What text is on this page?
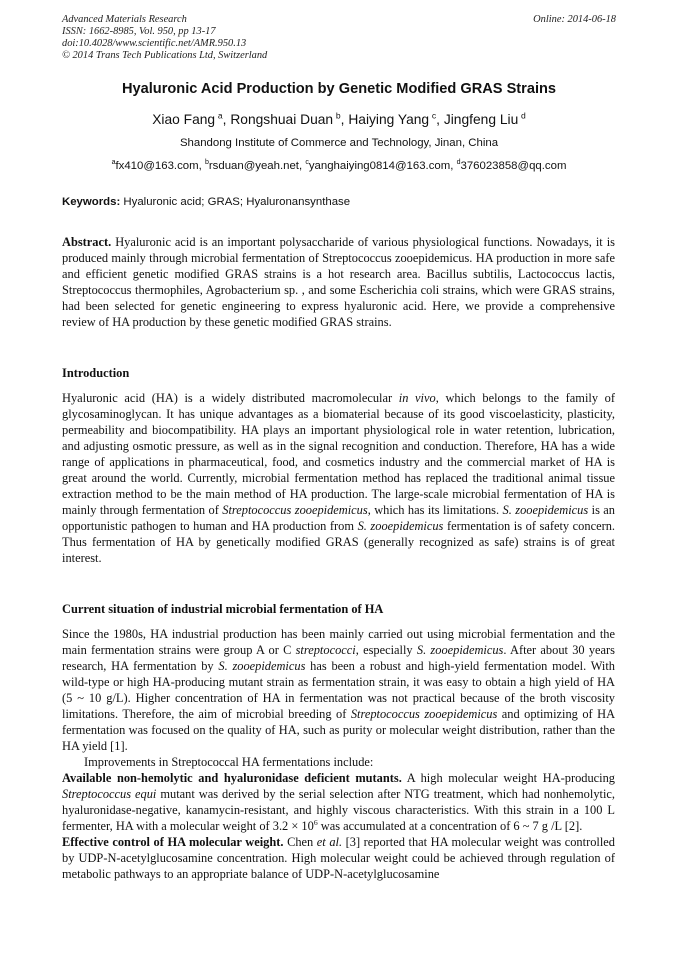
Advanced Materials Research
ISSN: 1662-8985, Vol. 950, pp 13-17
doi:10.4028/www.scientific.net/AMR.950.13
© 2014 Trans Tech Publications Ltd, Switzerland
Online: 2014-06-18
Hyaluronic Acid Production by Genetic Modified GRAS Strains
Xiao Fang  $^a$, Rongshuai Duan  $^b$, Haiying Yang  $^c$, Jingfeng Liu  $^d$
Shandong Institute of Commerce and Technology, Jinan, China
$^a$fx410@163.com, $^b$rsduan@yeah.net, $^c$yanghaiying0814@163.com, $^d$376023858@qq.com
Keywords: Hyaluronic acid; GRAS; Hyaluronansynthase

Abstract. Hyaluronic acid is an important polysaccharide of various physiological functions. Nowadays, it is produced mainly through microbial fermentation of Streptococcus zooepidemicus. HA production in more safe and efficient genetic modified GRAS strains is a hot research area. Bacillus subtilis, Lactococcus lactis, Streptococcus thermophiles, Agrobacterium sp. , and some Escherichia coli strains, which were GRAS strains, had been selected for genetic engineering to express hyaluronic acid. Here, we provide a comprehensive review of HA production by these genetic modified GRAS strains.

Introduction

Hyaluronic acid (HA) is a widely distributed macromolecular in vivo, which belongs to the family of glycosaminoglycan. It has unique advantages as a biomaterial because of its good viscoelasticity, plasticity, permeability and biocompatibility. HA plays an important physiological role in water retention, lubrication, and adjusting osmotic pressure, as well as in the signal recognition and conduction. Therefore, HA has a wide range of applications in pharmaceutical, food, and cosmetics industry and the commercial market of HA is great around the world. Currently, microbial fermentation method has replaced the traditional animal tissue extraction method to be the main method of HA production. The large-scale microbial fermentation of HA is mainly through fermentation of Streptococcus zooepidemicus, which has its limitations. S. zooepidemicus is an opportunistic pathogen to human and HA production from S. zooepidemicus fermentation is of safety concern. Thus fermentation of HA by genetically modified GRAS (generally recognized as safe) strains is of great interest.

Current situation of industrial microbial fermentation of HA

Since the 1980s, HA industrial production has been mainly carried out using microbial fermentation and the main fermentation strains were group A or C streptococci, especially S. zooepidemicus. After about 30 years research, HA fermentation by S. zooepidemicus has been a robust and high-yield fermentation model. With wild-type or high HA-producing mutant strain as fermentation strain, it was easy to obtain a high yield of HA (5 ~ 10 g/L). Higher concentration of HA in fermentation was not practical because of the broth viscosity limitations. Therefore, the aim of microbial breeding of Streptococcus zooepidemicus and optimizing of HA fermentation was focused on the quality of HA, such as purity or molecular weight distribution, rather than the HA yield [1].

Improvements in Streptococcal HA fermentations include:

Available non-hemolytic and hyaluronidase deficient mutants. A high molecular weight HA-producing Streptococcus equi mutant was derived by the serial selection after NTG treatment, which had nonhemolytic, hyaluronidase-negative, kanamycin-resistant, and highly viscous characteristics. With this strain in a 100 L fermenter, HA with a molecular weight of $3.2 \times 10^6$ was accumulated at a concentration of 6 ~ 7 g /L [2].

Effective control of HA molecular weight. Chen et al. [3] reported that HA molecular weight was controlled by UDP-N-acetylglucosamine concentration. High molecular weight could be achieved through regulation of metabolic pathways to an appropriate balance of UDP-N-acetylglucosamine
